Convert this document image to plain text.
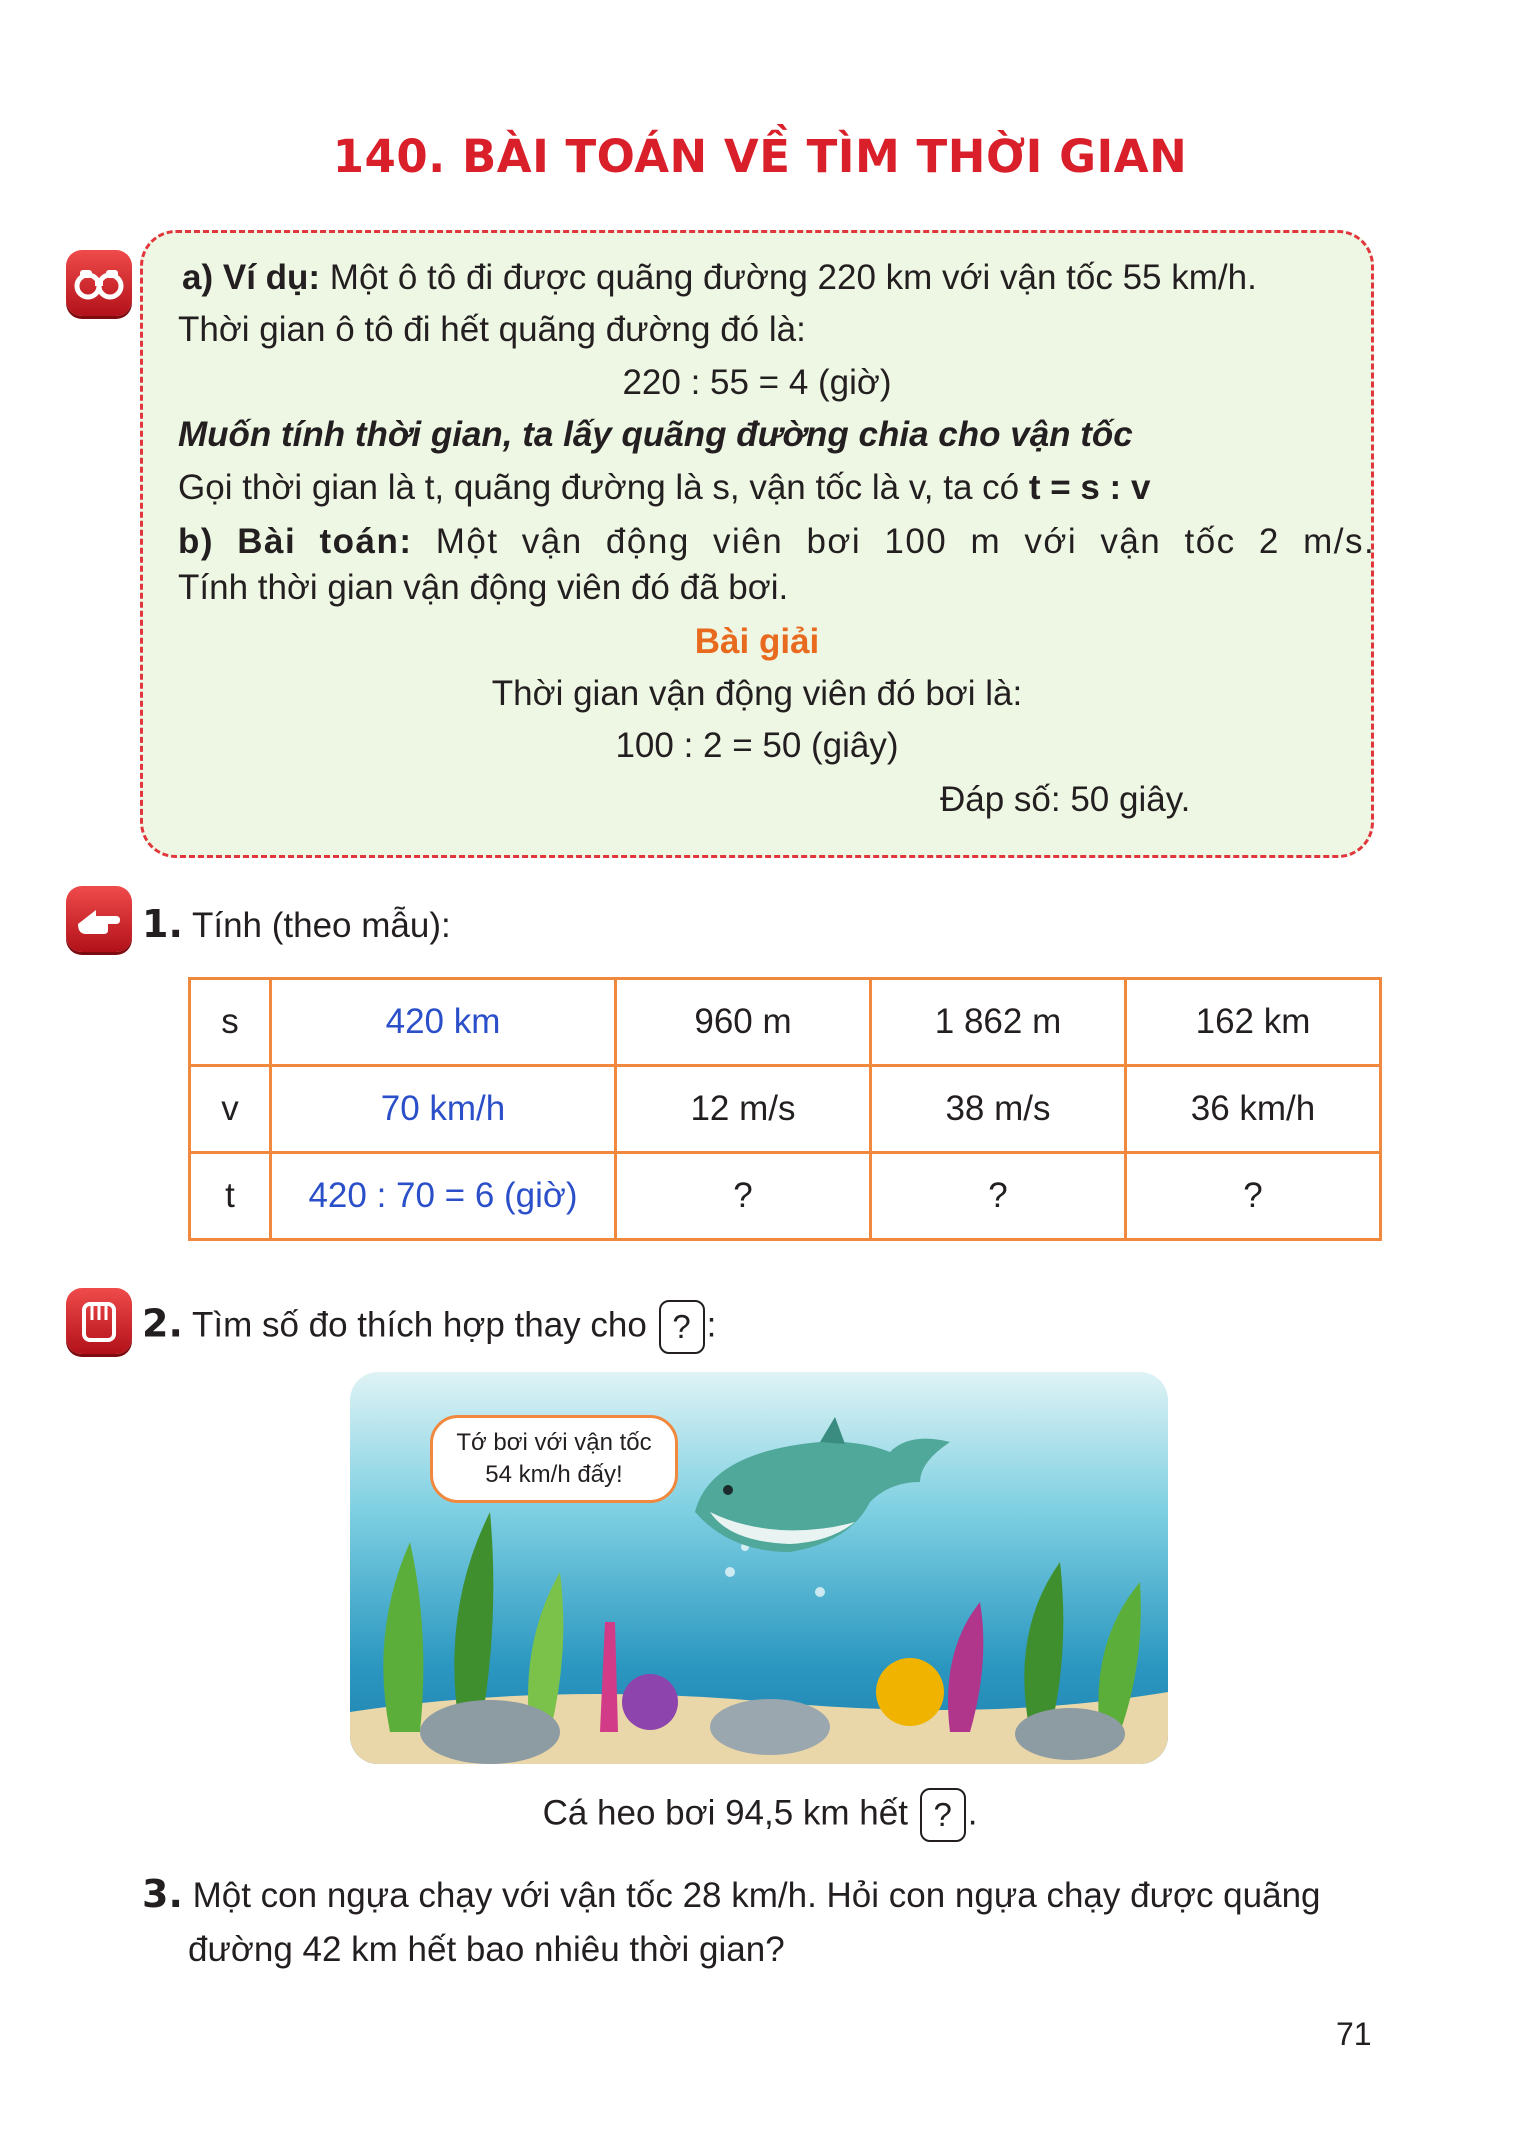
140. BÀI TOÁN VỀ TÌM THỜI GIAN
a) Ví dụ: Một ô tô đi được quãng đường 220 km với vận tốc 55 km/h.
Thời gian ô tô đi hết quãng đường đó là:
220 : 55 = 4 (giờ)
Muốn tính thời gian, ta lấy quãng đường chia cho vận tốc
Gọi thời gian là t, quãng đường là s, vận tốc là v, ta có t = s : v
b) Bài toán: Một vận động viên bơi 100 m với vận tốc 2 m/s.
Tính thời gian vận động viên đó đã bơi.
Bài giải
Thời gian vận động viên đó bơi là:
100 : 2 = 50 (giây)
Đáp số: 50 giây.
1. Tính (theo mẫu):
s	420 km	960 m	1 862 m	162 km
v	70 km/h	12 m/s	38 m/s	36 km/h
t	420 : 70 = 6 (giờ)	?	?	?
2. Tìm số đo thích hợp thay cho ? :
Tớ bơi với vận tốc
54 km/h đấy!
Cá heo bơi 94,5 km hết ? .
3. Một con ngựa chạy với vận tốc 28 km/h. Hỏi con ngựa chạy được quãng
đường 42 km hết bao nhiêu thời gian?
71
